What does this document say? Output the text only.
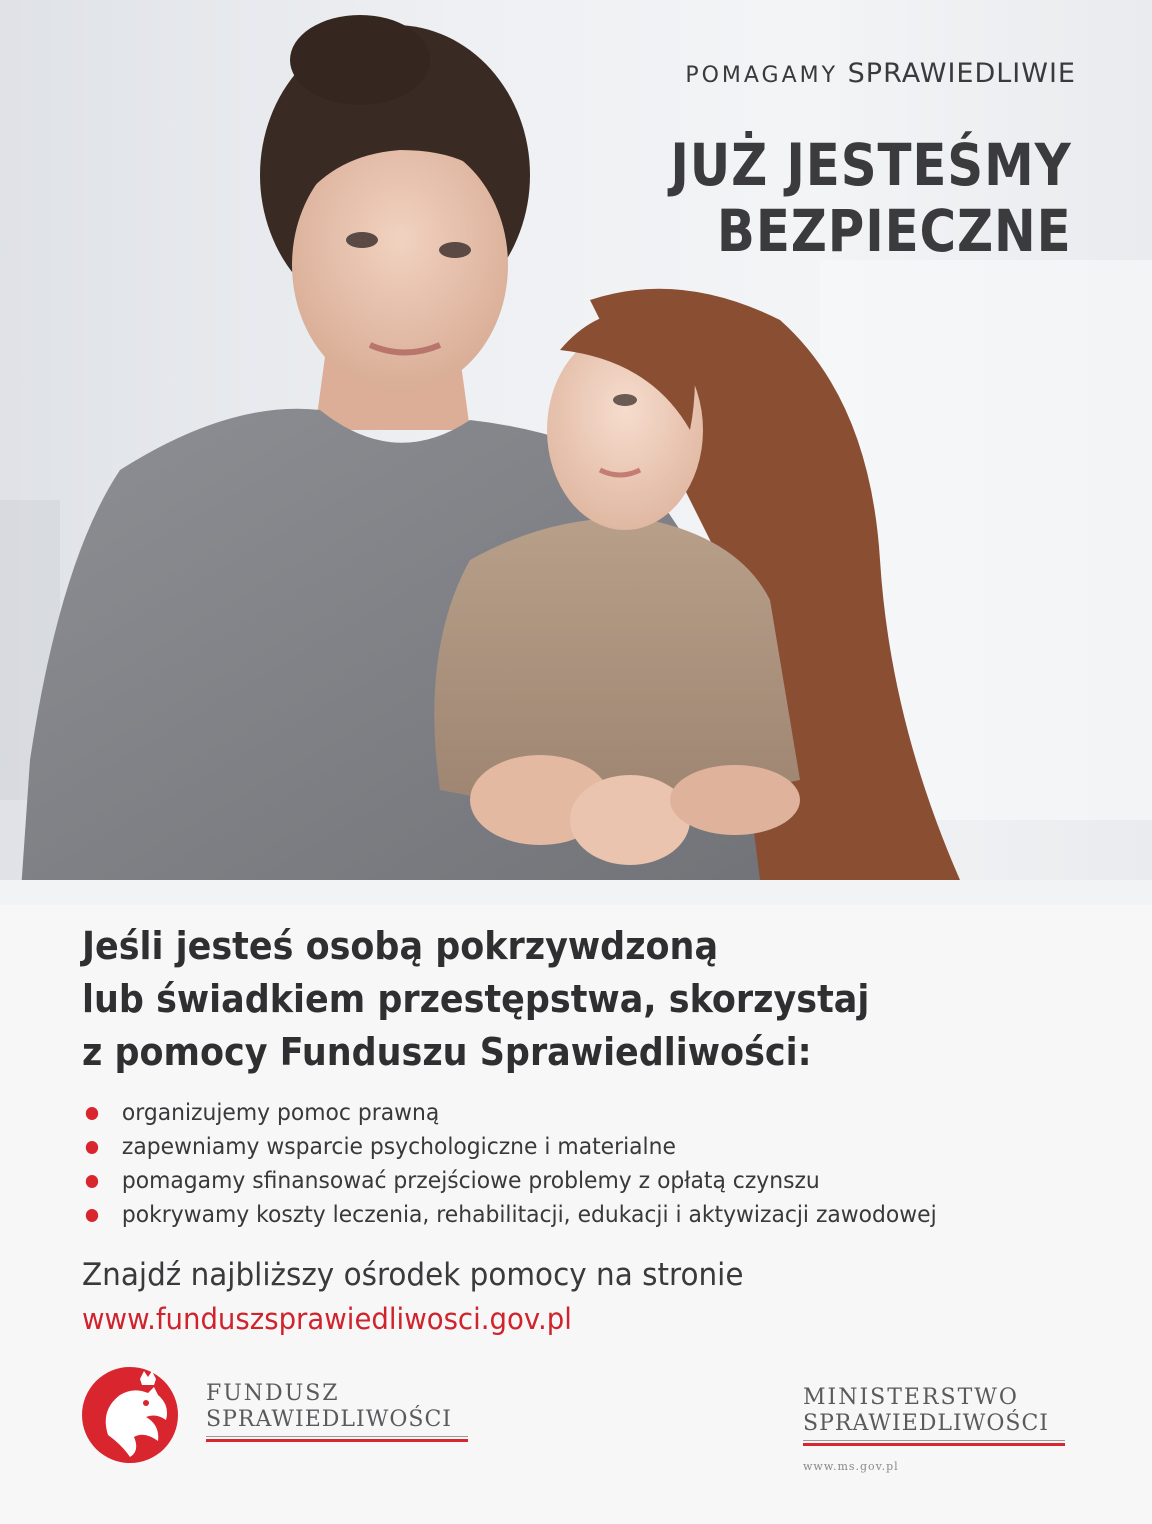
POMAGAMY SPRAWIEDLIWIE
JUŻ JESTEŚMY
BEZPIECZNE
Jeśli jesteś osobą pokrzywdzoną
lub świadkiem przestępstwa, skorzystaj
z pomocy Funduszu Sprawiedliwości:
organizujemy pomoc prawną
zapewniamy wsparcie psychologiczne i materialne
pomagamy sfinansować przejściowe problemy z opłatą czynszu
pokrywamy koszty leczenia, rehabilitacji, edukacji i aktywizacji zawodowej
Znajdź najbliższy ośrodek pomocy na stronie
www.funduszsprawiedliwosci.gov.pl
FUNDUSZ
SPRAWIEDLIWOŚCI
MINISTERSTWO
SPRAWIEDLIWOŚCI
www.ms.gov.pl
